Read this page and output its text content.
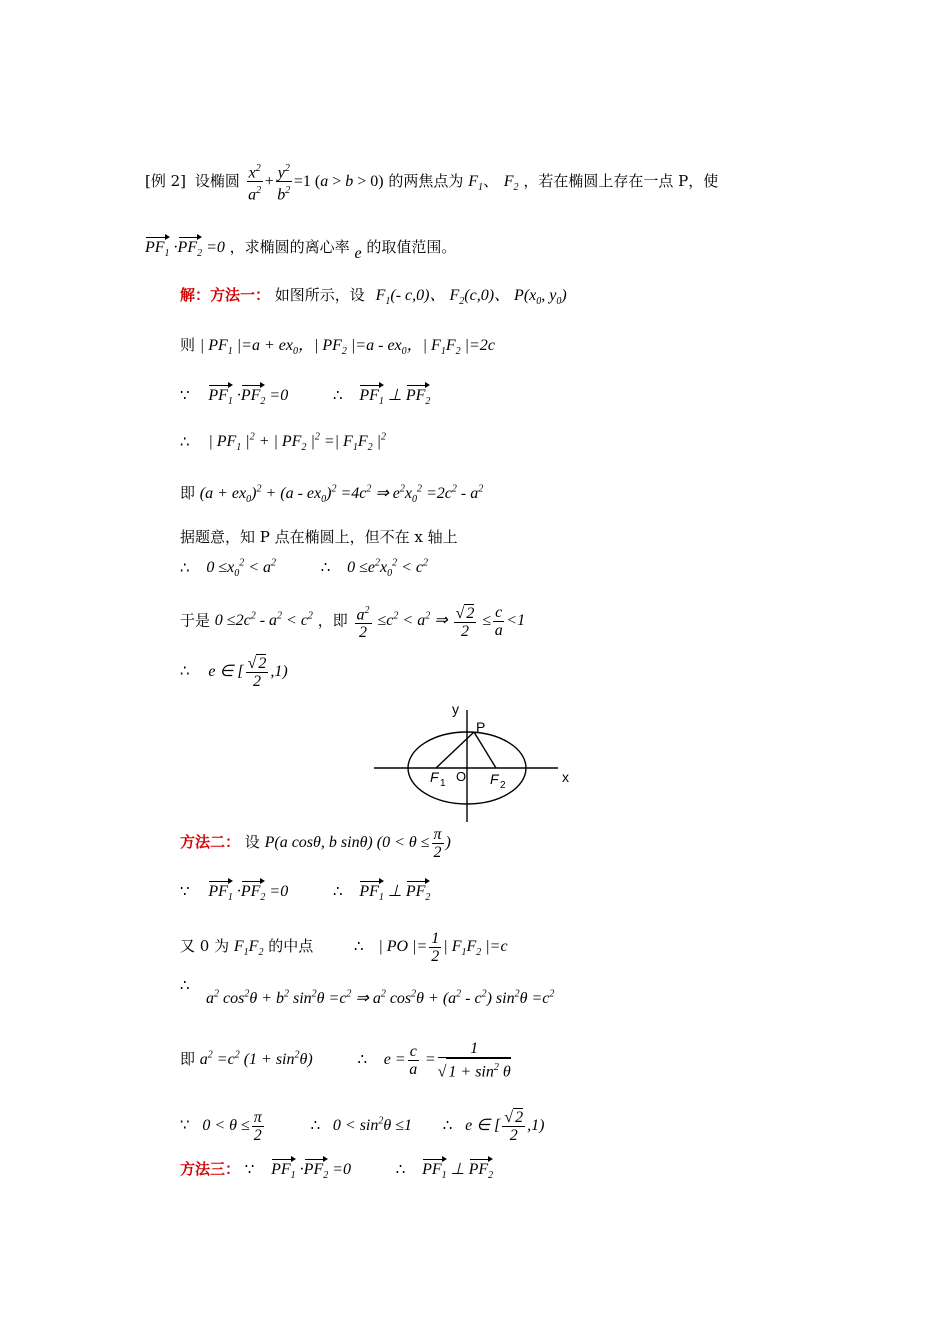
[例 2] 设椭圆 $\frac{x^2}{a^2} + \frac{y^2}{b^2} =1$ (a > b > 0) 的两焦点为 $F_1$、 $F_2$ ，若在椭圆上存在一点 P，使
$PF_1 \cdot PF_2 =0$ ，求椭圆的离心率 e 的取值范围。
解：方法一： 如图所示，设 $F_1(-$ c,0)、 $F_2(c,0)$、 $P(x_0$, $y_0$)
则 | $PF_1$ $|=a + ex_0$，| $PF_2$ $|=a - ex_0$，| $F_1F_2$ |=2c
∵ $PF_1 \cdot PF_2 =0$	∴ $PF_1$ ⊥ $PF_2$
∴ | $PF_1$ $|^2$ + | $PF_2$ $|^2$ =| $F_1F_2$ $|^2$
即 $(a + ex_0)^2 + (a - ex_0)^2 =4c^2$ ⇒ $e^2x_0^2 =2c^2 - a^2$
据题意，知 P 点在椭圆上，但不在 x 轴上
∴ $0 \le x_0^2 < a^2$	∴ $0 \le e^2x_0^2 < c^2$
于是 $0 \le 2c^2 - a^2 < c^2$ ，即 $\frac{a^2}{2} \le c^2 < a^2$ ⇒ $\frac{√ 2}{2} \le \frac{c}{a} <1$
∴ e ∈ [ $\frac{√ 2}{2} ,1$)
y
x
P
O
F 1	F 2
方法二： 设 P(a cosθ, b sinθ) ($0 < \theta \le \frac{\pi}{2}$ )
∵ $PF_1 \cdot PF_2 =0$	∴ $PF_1$ ⊥ $PF_2$
又 0 为 $F_1F_2$ 的中点	∴ | PO |= $\frac{1}{2}$ | $F_1F_2$ |=c
∴
$a^2$ $\cos^2\theta + b^2$ $\sin^2\theta =c^2$ ⇒ $a^2$ $\cos^2\theta + (a^2 - c^2)$ $\sin^2\theta =c^2$
即 $a^2 =c^2$ $(1 + \sin^2\theta)$	∴ $e = \frac{c}{a} = \frac{1}{√ 1 + \sin^2 \theta}$
∵ $0 < \theta \le \frac{\pi}{2}$	∴ $0 < \sin^2\theta \le 1$ ∴ e ∈ [ $\frac{√ 2}{2} ,1$)
方法三： ∵ $PF_1 \cdot PF_2 =0$	∴ $PF_1$ ⊥ $PF_2$
